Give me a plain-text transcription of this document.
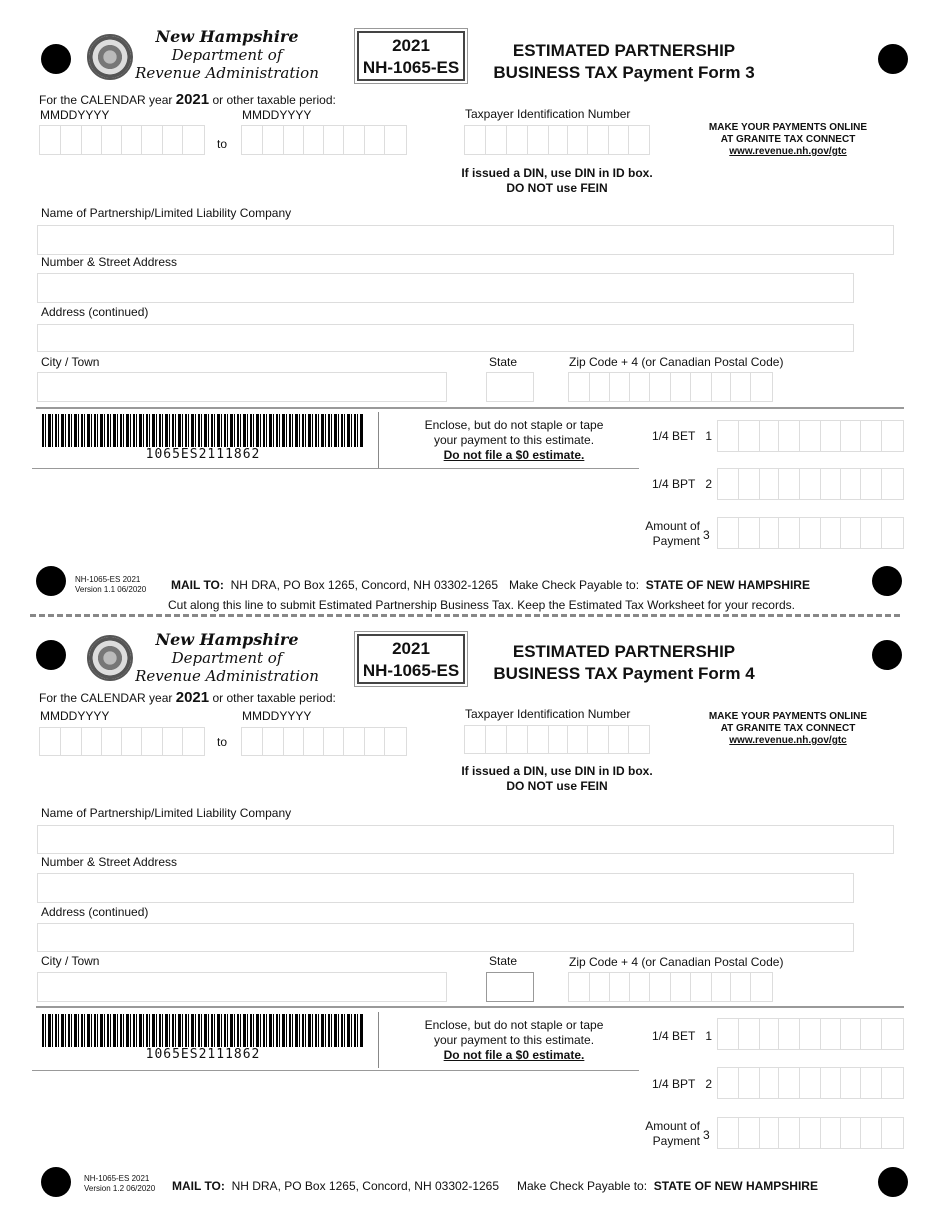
New Hampshire
Department of
Revenue Administration
2021
NH-1065-ES
ESTIMATED PARTNERSHIP
BUSINESS TAX Payment Form 3
For the CALENDAR year 2021 or other taxable period:
MMDDYYYY	MMDDYYYY
to
Taxpayer Identification Number
MAKE YOUR PAYMENTS ONLINE
AT GRANITE TAX CONNECT
www.revenue.nh.gov/gtc
If issued a DIN, use DIN in ID box.
DO NOT use FEIN
Name of Partnership/Limited Liability Company
Number & Street Address
Address (continued)
City / Town	State	Zip Code + 4 (or Canadian Postal Code)
1065ES2111862
Enclose, but do not staple or tape
your payment to this estimate.
Do not file a $0 estimate.
1/4 BET 1
1/4 BPT 2
Amount of
Payment 3
NH-1065-ES 2021
Version 1.1 06/2020 MAIL TO: NH DRA, PO Box 1265, Concord, NH 03302-1265 Make Check Payable to: STATE OF NEW HAMPSHIRE
Cut along this line to submit Estimated Partnership Business Tax. Keep the Estimated Tax Worksheet for your records.
New Hampshire
Department of
Revenue Administration
2021
NH-1065-ES
ESTIMATED PARTNERSHIP
BUSINESS TAX Payment Form 4
For the CALENDAR year 2021 or other taxable period:
MMDDYYYY	MMDDYYYY
to
Taxpayer Identification Number	MAKE YOUR PAYMENTS ONLINE
AT GRANITE TAX CONNECT
www.revenue.nh.gov/gtc
If issued a DIN, use DIN in ID box.
DO NOT use FEIN
Name of Partnership/Limited Liability Company
Number & Street Address
Address (continued)
City / Town	State	Zip Code + 4 (or Canadian Postal Code)
1065ES2111862
Enclose, but do not staple or tape
your payment to this estimate.
Do not file a $0 estimate.
1/4 BET 1
1/4 BPT 2
Amount of
Payment 3
NH-1065-ES 2021
Version 1.2 06/2020 MAIL TO: NH DRA, PO Box 1265, Concord, NH 03302-1265 Make Check Payable to: STATE OF NEW HAMPSHIRE
